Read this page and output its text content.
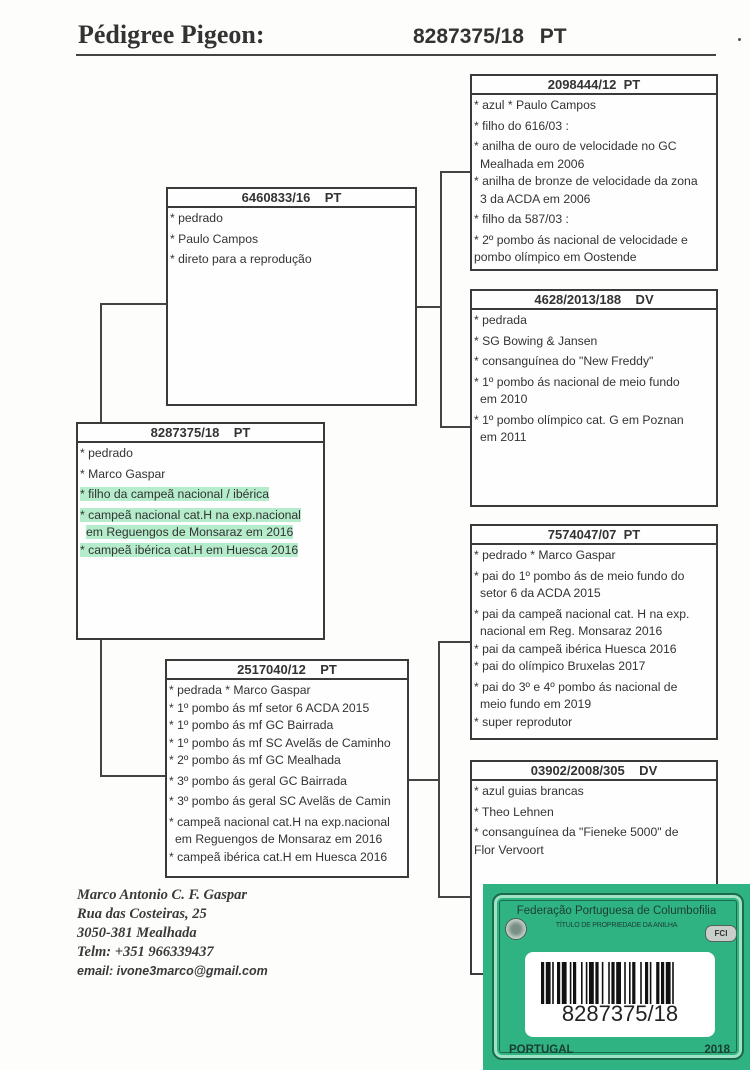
Pédigree Pigeon:	8287375/18 PT
2098444/12  PT
* azul * Paulo Campos
* filho do 616/03 :
* anilha de ouro de velocidade no GC
Mealhada em 2006
* anilha de bronze de velocidade da zona
3 da ACDA em 2006
* filho da 587/03 :
* 2º pombo ás nacional de velocidade e
pombo olímpico em Oostende
6460833/16    PT
* pedrado
* Paulo Campos
* direto para a reprodução
4628/2013/188    DV
* pedrada
* SG Bowing & Jansen
* consanguínea do "New Freddy"
* 1º pombo ás nacional de meio fundo
em 2010
* 1º pombo olímpico cat. G em Poznan
em 2011
8287375/18    PT
* pedrado
* Marco Gaspar
* filho da campeã nacional / ibérica
* campeã nacional cat.H na exp.nacional
em Reguengos de Monsaraz em 2016
* campeã ibérica cat.H em Huesca 2016
7574047/07  PT
* pedrado * Marco Gaspar
* pai do 1º pombo ás de meio fundo do
setor 6 da ACDA 2015
* pai da campeã nacional cat. H na exp.
nacional em Reg. Monsaraz 2016
* pai da campeã ibérica Huesca 2016
* pai do olímpico Bruxelas 2017
* pai do 3º e 4º pombo ás nacional de
meio fundo em 2019
* super reprodutor
2517040/12    PT
* pedrada * Marco Gaspar
* 1º pombo ás mf setor 6 ACDA 2015
* 1º pombo ás mf GC Bairrada
* 1º pombo ás mf SC Avelãs de Caminho
* 2º pombo ás mf GC Mealhada
* 3º pombo ás geral GC Bairrada
* 3º pombo ás geral SC Avelãs de Camin
* campeã nacional cat.H na exp.nacional
em Reguengos de Monsaraz em 2016
* campeã ibérica cat.H em Huesca 2016
03902/2008/305    DV
* azul guias brancas
* Theo Lehnen
* consanguínea da "Fieneke 5000" de
Flor Vervoort
Marco Antonio C. F. Gaspar
Rua das Costeiras, 25
3050-381 Mealhada
Telm: +351 966339437
email: ivone3marco@gmail.com
FCI
Federação Portuguesa de Columbofilia
TÍTULO DE PROPRIEDADE DA ANILHA
8287375/18
PORTUGAL	2018
